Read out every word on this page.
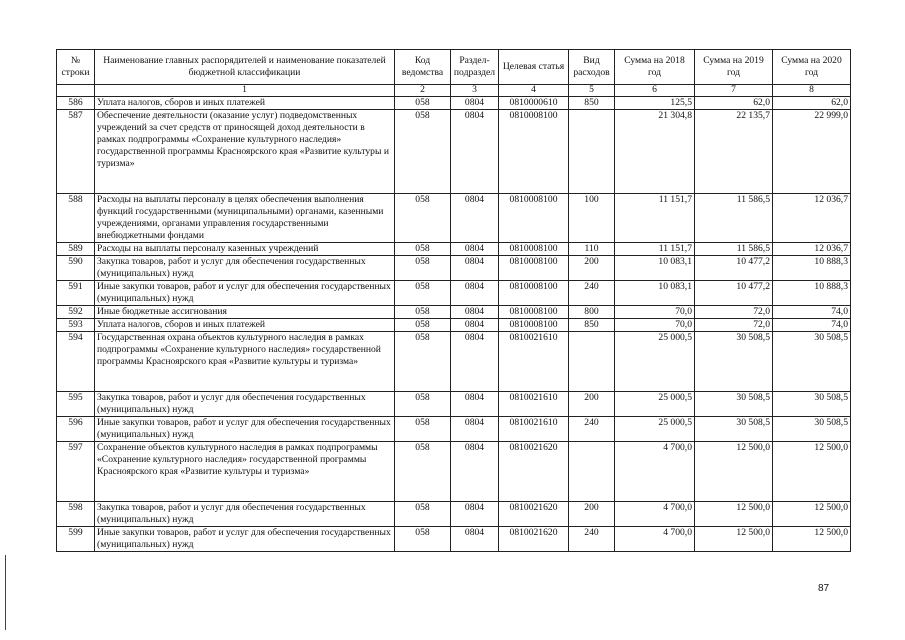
№ строки	Наименование главных распорядителей и наименование показателей бюджетной классификации	Код ведомства	Раздел-подраздел	Целевая статья	Вид расходов	Сумма на 2018 год	Сумма на 2019 год	Сумма на 2020 год
	1	2	3	4	5	6	7	8
586	Уплата налогов, сборов и иных платежей	058	0804	0810000610	850	125,5	62,0	62,0
587	Обеспечение деятельности (оказание услуг) подведомственных учреждений за счет средств от приносящей доход деятельности в рамках подпрограммы «Сохранение культурного наследия» государственной программы Красноярского края «Развитие культуры и туризма»	058	0804	0810008100		21 304,8	22 135,7	22 999,0
588	Расходы на выплаты персоналу в целях обеспечения выполнения функций государственными (муниципальными) органами, казенными учреждениями, органами управления государственными внебюджетными фондами	058	0804	0810008100	100	11 151,7	11 586,5	12 036,7
589	Расходы на выплаты персоналу казенных учреждений	058	0804	0810008100	110	11 151,7	11 586,5	12 036,7
590	Закупка товаров, работ и услуг для обеспечения государственных (муниципальных) нужд	058	0804	0810008100	200	10 083,1	10 477,2	10 888,3
591	Иные закупки товаров, работ и услуг для обеспечения государственных (муниципальных) нужд	058	0804	0810008100	240	10 083,1	10 477,2	10 888,3
592	Иные бюджетные ассигнования	058	0804	0810008100	800	70,0	72,0	74,0
593	Уплата налогов, сборов и иных платежей	058	0804	0810008100	850	70,0	72,0	74,0
594	Государственная охрана объектов культурного наследия в рамках подпрограммы «Сохранение культурного наследия» государственной программы Красноярского края «Развитие культуры и туризма»	058	0804	0810021610		25 000,5	30 508,5	30 508,5
595	Закупка товаров, работ и услуг для обеспечения государственных (муниципальных) нужд	058	0804	0810021610	200	25 000,5	30 508,5	30 508,5
596	Иные закупки товаров, работ и услуг для обеспечения государственных (муниципальных) нужд	058	0804	0810021610	240	25 000,5	30 508,5	30 508,5
597	Сохранение объектов культурного наследия в рамках подпрограммы «Сохранение культурного наследия» государственной программы Красноярского края «Развитие культуры и туризма»	058	0804	0810021620		4 700,0	12 500,0	12 500,0
598	Закупка товаров, работ и услуг для обеспечения государственных (муниципальных) нужд	058	0804	0810021620	200	4 700,0	12 500,0	12 500,0
599	Иные закупки товаров, работ и услуг для обеспечения государственных (муниципальных) нужд	058	0804	0810021620	240	4 700,0	12 500,0	12 500,0
87
